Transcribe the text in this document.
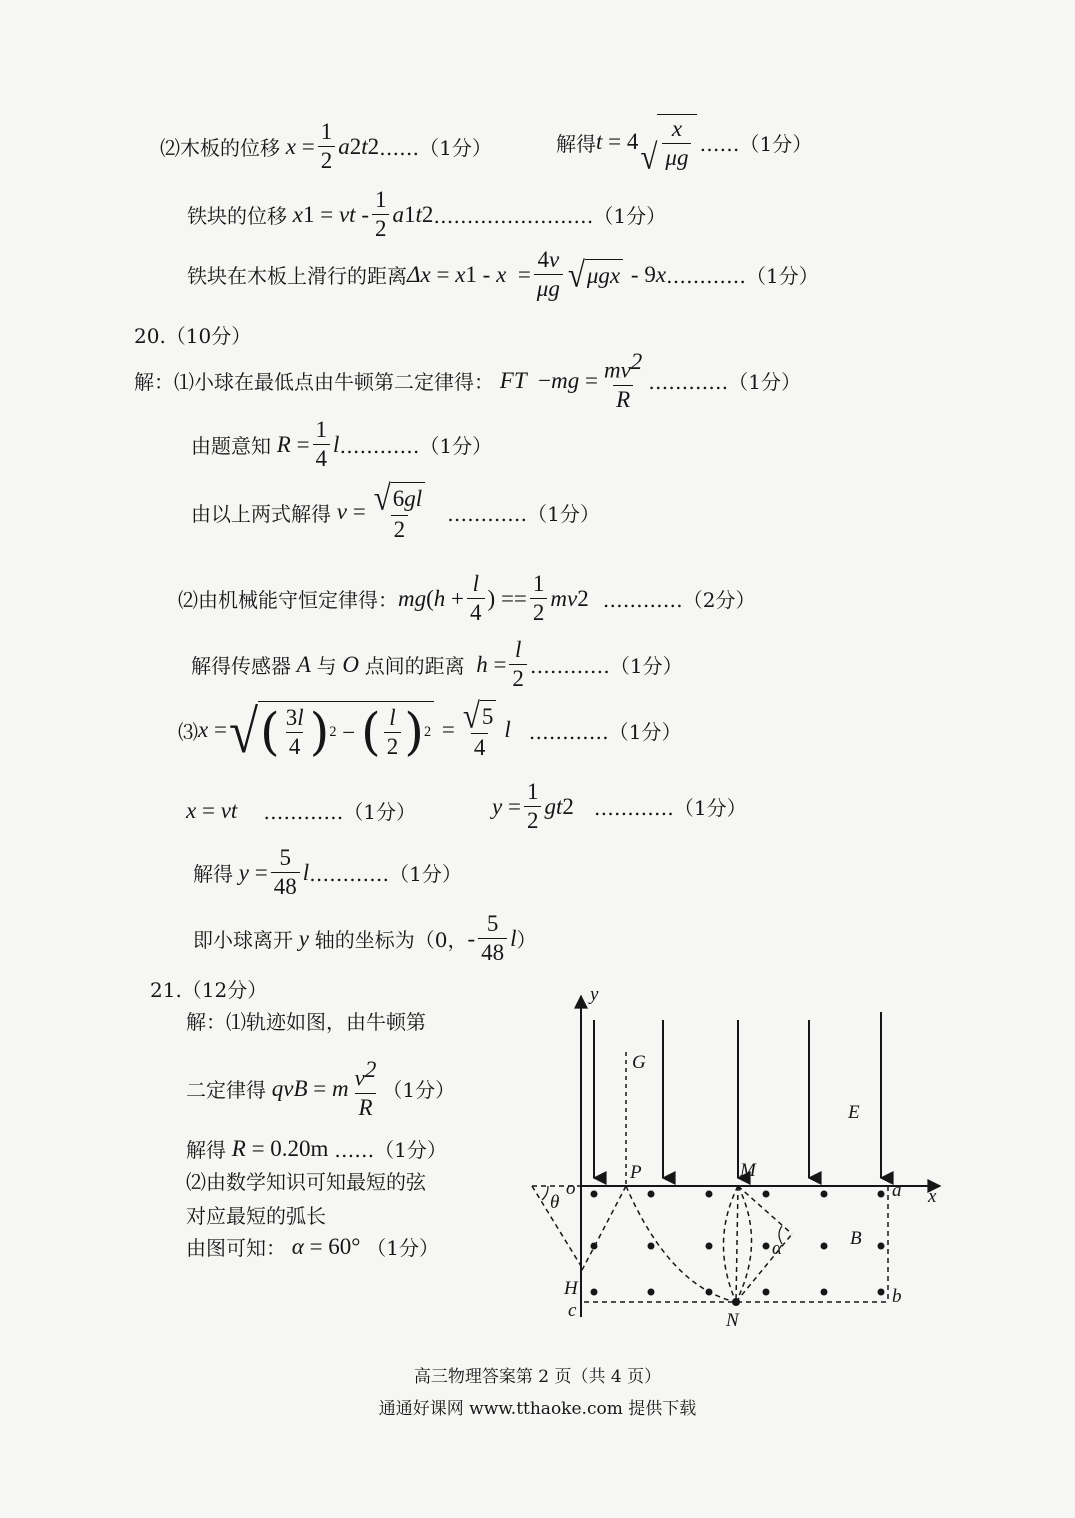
⑵木板的位移 $x = \frac{1}{2}$ a 2 t 2 ……（1分）	解得 t = 4 √ $\frac{x}{\mu g}$ ……（1分）
铁块的位移 x 1 = vt - $\frac{1}{2}$ a 1 t 2 ……………………（1分）
铁块在木板上滑行的距离 Δx = x $1 - x = \frac{4v}{\mu g}$ √ μgx - 9x …………（1分）
20.（10分）
解：⑴小球在最低点由牛顿第二定律得： F T − mg = $\frac{mv^2}{R}$ …………（1分）
由题意知 $R = \frac{1}{4}$ l …………（1分）
由以上两式解得 $v = \frac{√ 6 gl}{2}$ …………（1分）
⑵由机械能守恒定律得： mg ($h + \frac{l}{4}$ ) == $\frac{1}{2}$ mv 2 …………（2分）
解得传感器 A 与 O 点间的距离 $h = \frac{l}{2}$ …………（1分）
⑶ x = √ ( $\frac{3l}{4}$ ) 2 − ( $\frac{l}{2}$ ) $2 = \frac{√ 5}{4}$ l …………（1分）
x = vt …………（1分）	$y = \frac{1}{2}$ gt 2 …………（1分）
解得 $y = \frac{5}{48}$ l …………（1分）
即小球离开 y 轴的坐标为（0， - $\frac{5}{48}$ l ）
21.（12分）
解：⑴轨迹如图，由牛顿第
二定律得 qvB = m $\frac{v^2}{R} (1$分）
解得 R = 0.20m ……（1分）
⑵由数学知识可知最短的弦
对应最短的弧长
由图可知： α = 60° （1分）
y
x
G
E
P	M
o	a
θ
α	B
H
c
b
N
高三物理答案第 2 页（共 4 页）
通通好课网 www.tthaoke.com 提供下载
